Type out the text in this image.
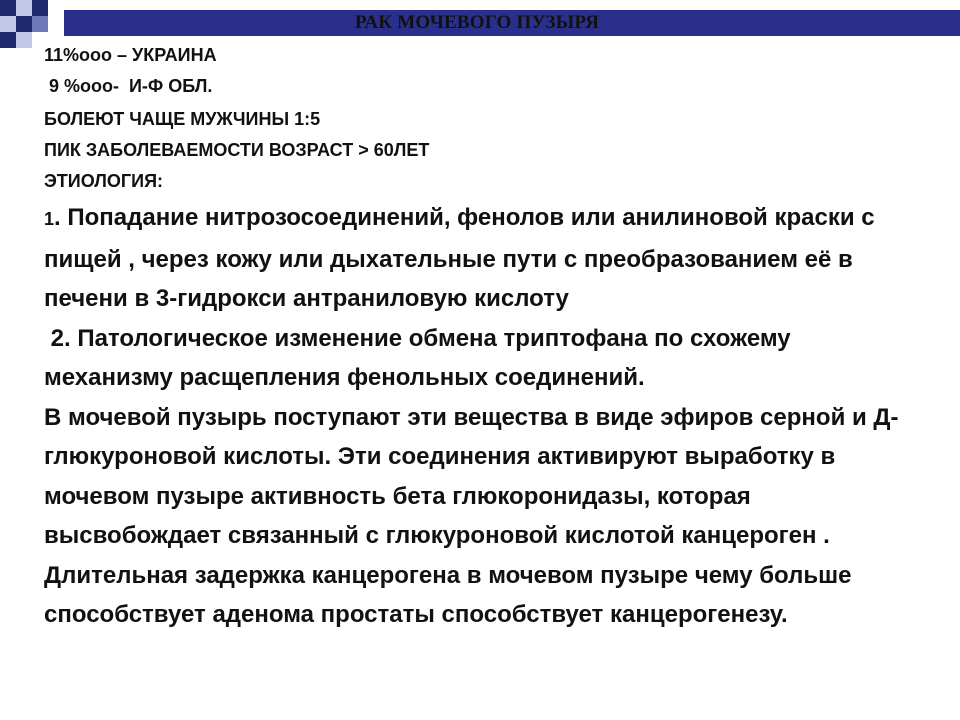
РАК МОЧЕВОГО ПУЗЫРЯ

11%ооо – УКРАИНА

9 %ооо-  И-Ф ОБЛ.

БОЛЕЮТ ЧАЩЕ МУЖЧИНЫ 1:5

ПИК ЗАБОЛЕВАЕМОСТИ ВОЗРАСТ > 60ЛЕТ

ЭТИОЛОГИЯ:

1. Попадание нитрозосоединений, фенолов или анилиновой краски с пищей , через кожу или дыхательные пути с преобразованием её в печени в 3-гидрокси антраниловую кислоту
2. Патологическое изменение обмена триптофана по схожему механизму расщепления фенольных соединений.
В мочевой пузырь поступают эти вещества в виде эфиров серной и Д-глюкуроновой кислоты. Эти соединения активируют выработку в мочевом пузыре активность бета глюкоронидазы, которая высвобождает связанный с глюкуроновой кислотой канцероген . Длительная задержка канцерогена в мочевом пузыре чему больше способствует аденома простаты способствует канцерогенезу.
